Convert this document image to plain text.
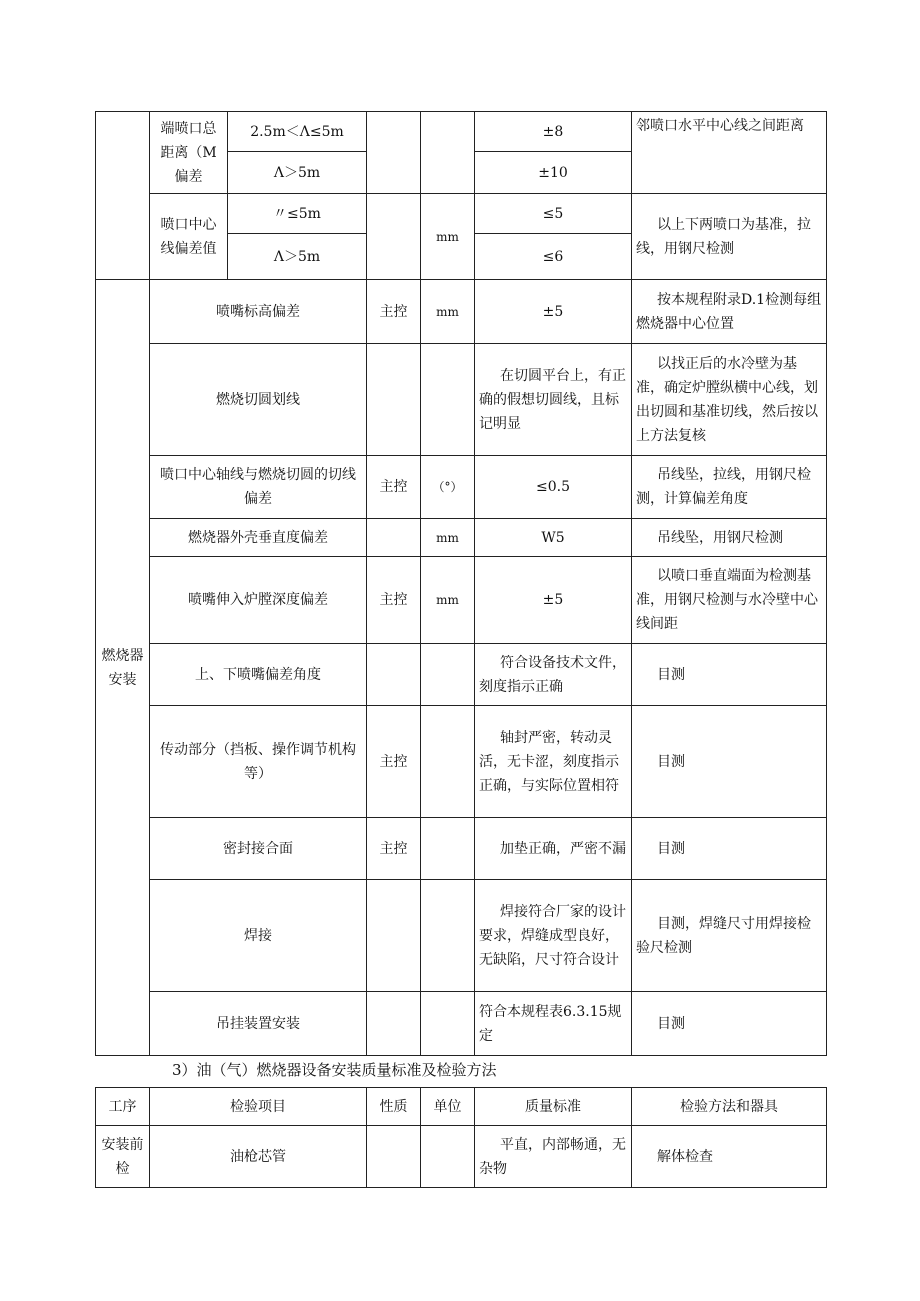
	端喷口总距离（M偏差	2.5m＜Λ≤5m			±8	邻喷口水平中心线之间距离
		Λ＞5m			±10	
	喷口中心线偏差值	〃≤5m		mm	≤5	以上下两喷口为基准，拉线，用钢尺检测
		Λ＞5m			≤6	
燃烧器安装	喷嘴标高偏差		主控	mm	±5	按本规程附录D.1检测每组燃烧器中心位置
	燃烧切圆划线				在切圆平台上，有正确的假想切圆线，且标记明显	以找正后的水冷壁为基准，确定炉膛纵横中心线，划出切圆和基准切线，然后按以上方法复核
	喷口中心轴线与燃烧切圆的切线偏差		主控	（°）	≤0.5	吊线坠，拉线，用钢尺检测，计算偏差角度
	燃烧器外壳垂直度偏差			mm	W5	吊线坠，用钢尺检测
	喷嘴伸入炉膛深度偏差		主控	mm	±5	以喷口垂直端面为检测基准，用钢尺检测与水冷壁中心线间距
	上、下喷嘴偏差角度				符合设备技术文件，刻度指示正确	目测
	传动部分（挡板、操作调节机构等）		主控		轴封严密，转动灵活，无卡涩，刻度指示正确，与实际位置相符	目测
	密封接合面		主控		加垫正确，严密不漏	目测
	焊接				焊接符合厂家的设计要求，焊缝成型良好，无缺陷，尺寸符合设计	目测，焊缝尺寸用焊接检验尺检测
	吊挂装置安装				符合本规程表6.3.15规定	目测
3）油（气）燃烧器设备安装质量标准及检验方法
工序	检验项目	性质	单位	质量标准	检验方法和器具
安装前检	油枪芯管			平直，内部畅通，无杂物	解体检查
